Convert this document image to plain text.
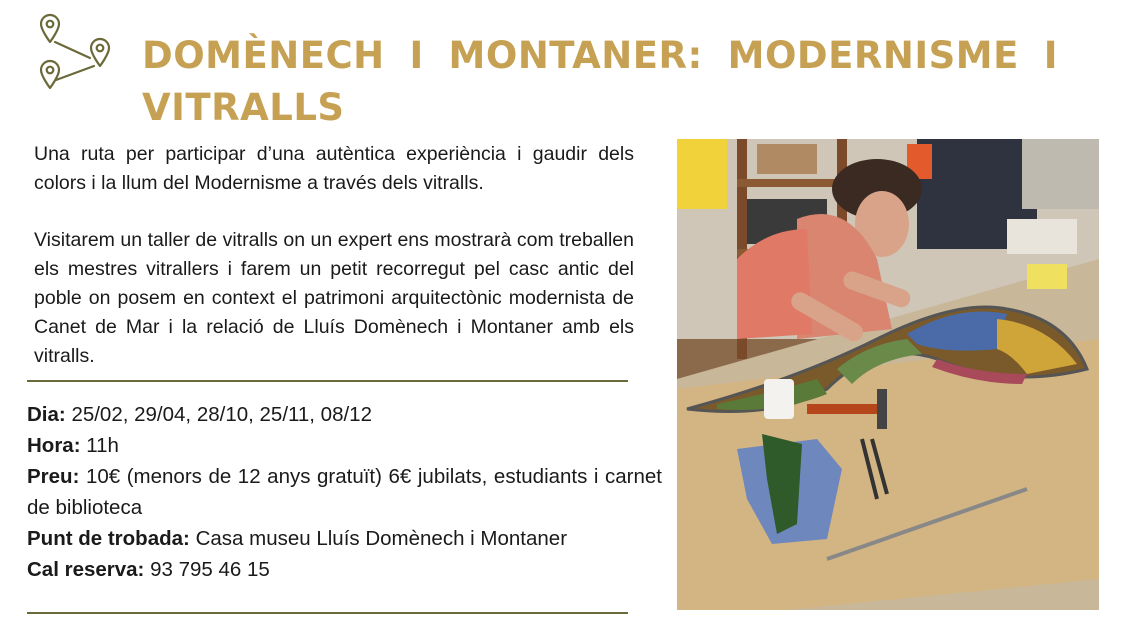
DOMÈNECH I MONTANER: MODERNISME I VITRALLS

Una ruta per participar d’una autèntica experiència i gaudir dels colors i la llum del Modernisme a través dels vitralls.

Visitarem un taller de vitralls on un expert ens mostrarà com treballen els mestres vitrallers i farem un petit recorregut pel casc antic del poble on posem en context el patrimoni arquitectònic modernista de Canet de Mar i la relació de Lluís Domènech i Montaner amb els vitralls.

Dia: 25/02, 29/04, 28/10, 25/11, 08/12

Hora: 11h

Preu: 10€ (menors de 12 anys gratuït) 6€ jubilats, estudiants i carnet de biblioteca

Punt de trobada: Casa museu Lluís Domènech i Montaner

Cal reserva: 93 795 46 15
